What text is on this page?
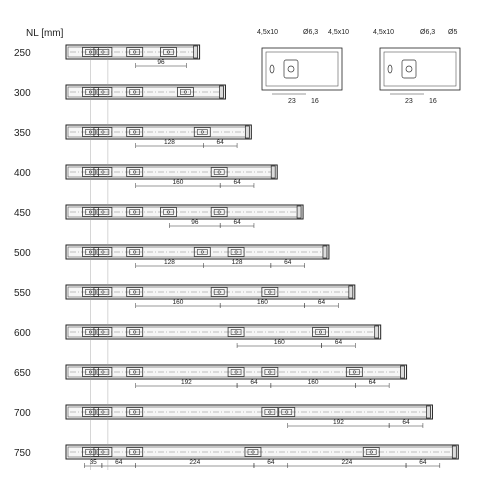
NL [mm]	4,5x10	Ø6,3 4,5x10
23 16
4,5x10	Ø6,3 Ø5
23 16
250
96
300
350
128	64
400
160	64
450
96	64
500
128	128	64
550
160	160	64
600
160	64
650
192	64	160	64
700
192	64
750
35	64	224	64	224	64
